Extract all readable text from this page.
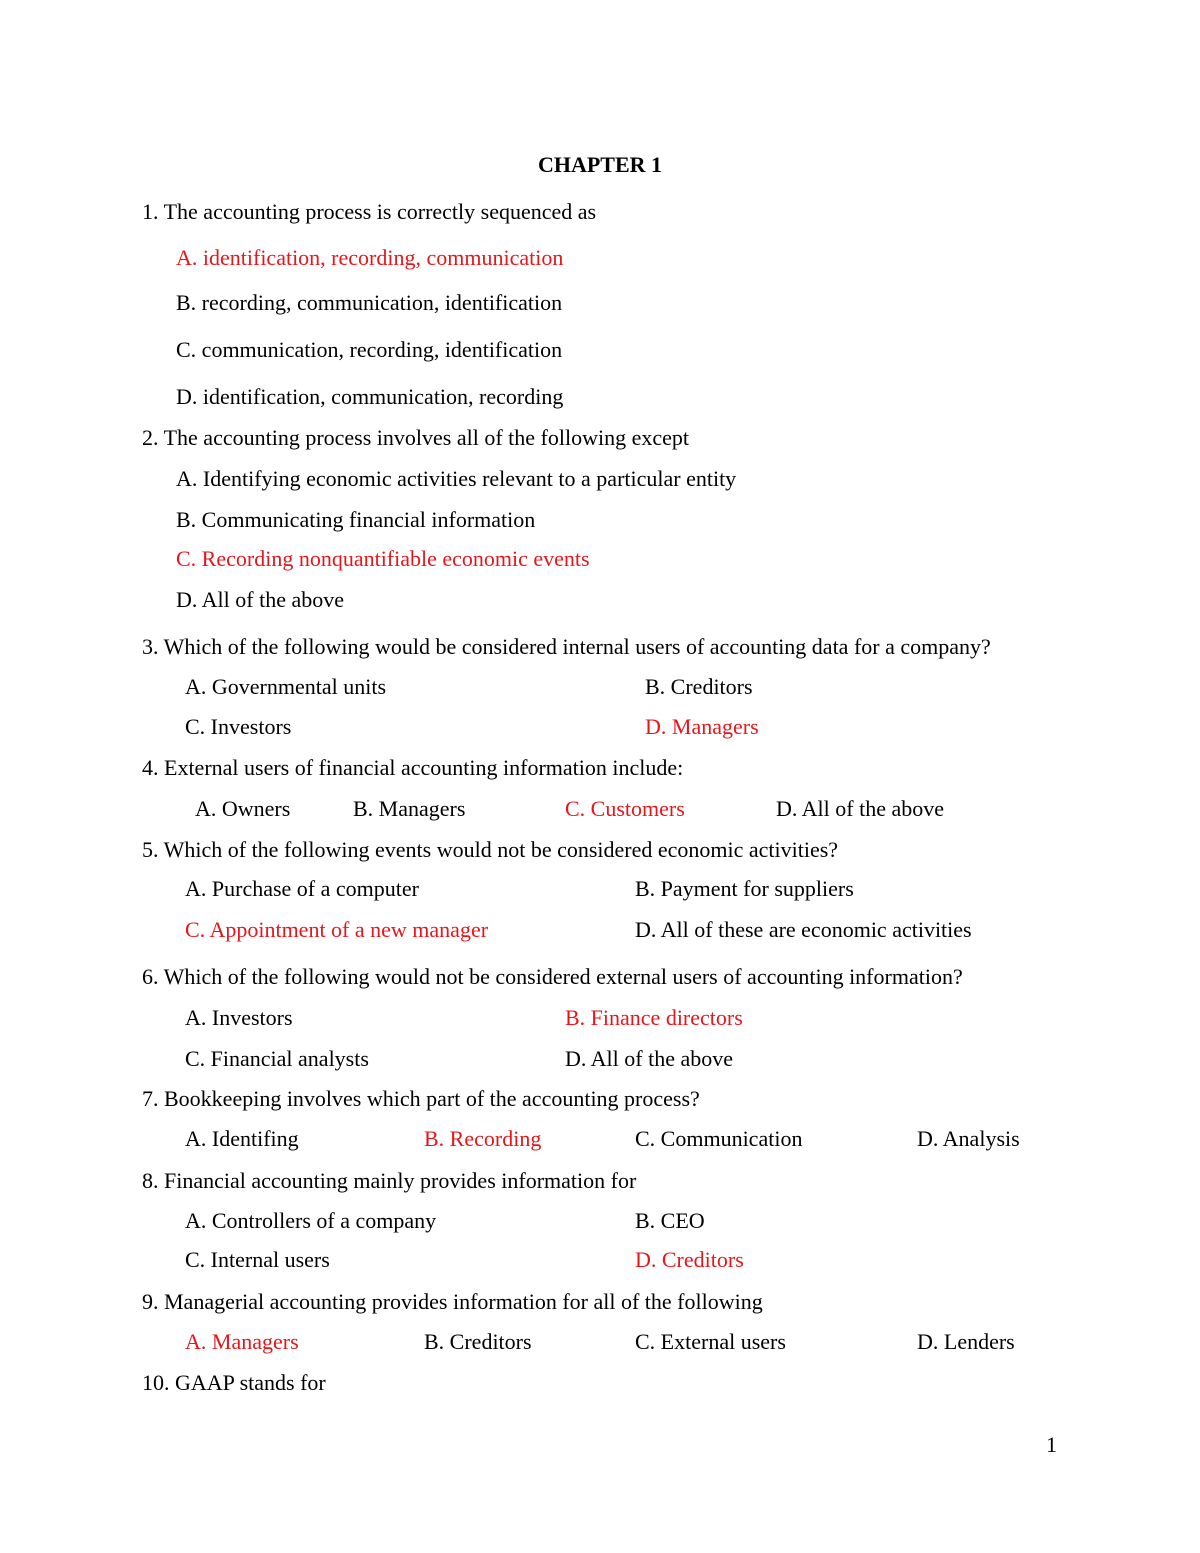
CHAPTER 1
1. The accounting process is correctly sequenced as
A. identification, recording, communication
B. recording, communication, identification
C. communication, recording, identification
D. identification, communication, recording
2. The accounting process involves all of the following except
A. Identifying economic activities relevant to a particular entity
B. Communicating financial information
C. Recording nonquantifiable economic events
D. All of the above
3. Which of the following would be considered internal users of accounting data for a company?
A. Governmental units	B. Creditors
C. Investors	D. Managers
4. External users of financial accounting information include:
A. Owners	B. Managers	C. Customers	D. All of the above
5. Which of the following events would not be considered economic activities?
A. Purchase of a computer	B. Payment for suppliers
C. Appointment of a new manager	D. All of these are economic activities
6. Which of the following would not be considered external users of accounting information?
A. Investors	B. Finance directors
C. Financial analysts	D. All of the above
7. Bookkeeping involves which part of the accounting process?
A. Identifing	B. Recording	C. Communication	D. Analysis
8. Financial accounting mainly provides information for
A. Controllers of a company	B. CEO
C. Internal users	D. Creditors
9. Managerial accounting provides information for all of the following
A. Managers	B. Creditors	C. External users	D. Lenders
10. GAAP stands for
1
